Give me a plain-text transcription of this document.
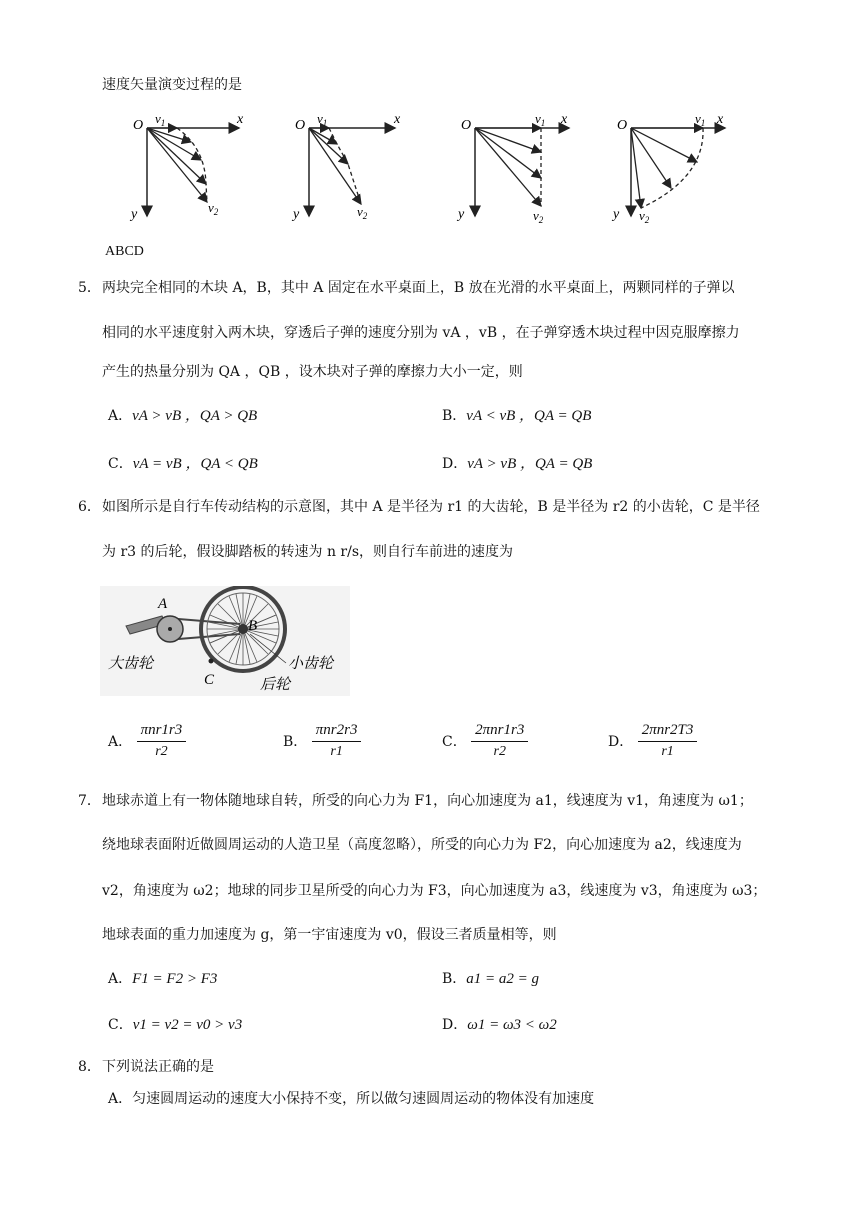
速度矢量演变过程的是
O	x
y
$v_1$
$v_2$
O	x
y
$v_1$
$v_2$
O	x
y
$v_1$
$v_2$
O	x
y
$v_1$
$v_2$
ABCD
5． 两块完全相同的木块 A，B，其中 A 固定在水平桌面上，B 放在光滑的水平桌面上，两颗同样的子弹以
相同的水平速度射入两木块，穿透后子弹的速度分别为 vA ，vB ，在子弹穿透木块过程中因克服摩擦力
产生的热量分别为 QA ，QB ，设木块对子弹的摩擦力大小一定，则
A．vA > vB ，QA > QB	B．vA < vB ，QA = QB
C．vA = vB ，QA < QB	D．vA > vB ，QA = QB
6． 如图所示是自行车传动结构的示意图，其中 A 是半径为 r1 的大齿轮，B 是半径为 r2 的小齿轮，C 是半径
为 r3 的后轮，假设脚踏板的转速为 n r/s，则自行车前进的速度为
A
B
C
大齿轮	小齿轮
后轮
A． $\frac{\text{πnr1r3}}{r2}$	B． $\frac{\text{πnr2r3}}{r1}$	C． $\frac{\text{2πnr1r3}}{r2}$	D． $\frac{\text{2πnr2T3}}{r1}$
7． 地球赤道上有一物体随地球自转，所受的向心力为 F1，向心加速度为 a1，线速度为 v1，角速度为 ω1；
绕地球表面附近做圆周运动的人造卫星（高度忽略），所受的向心力为 F2，向心加速度为 a2，线速度为
v2，角速度为 ω2；地球的同步卫星所受的向心力为 F3，向心加速度为 a3，线速度为 v3，角速度为 ω3；
地球表面的重力加速度为 g，第一宇宙速度为 v0，假设三者质量相等，则
A．F1 = F2 > F3	B．a1 = a2 = g
C．v1 = v2 = v0 > v3	D．ω1 = ω3 < ω2
8． 下列说法正确的是
A．匀速圆周运动的速度大小保持不变，所以做匀速圆周运动的物体没有加速度
